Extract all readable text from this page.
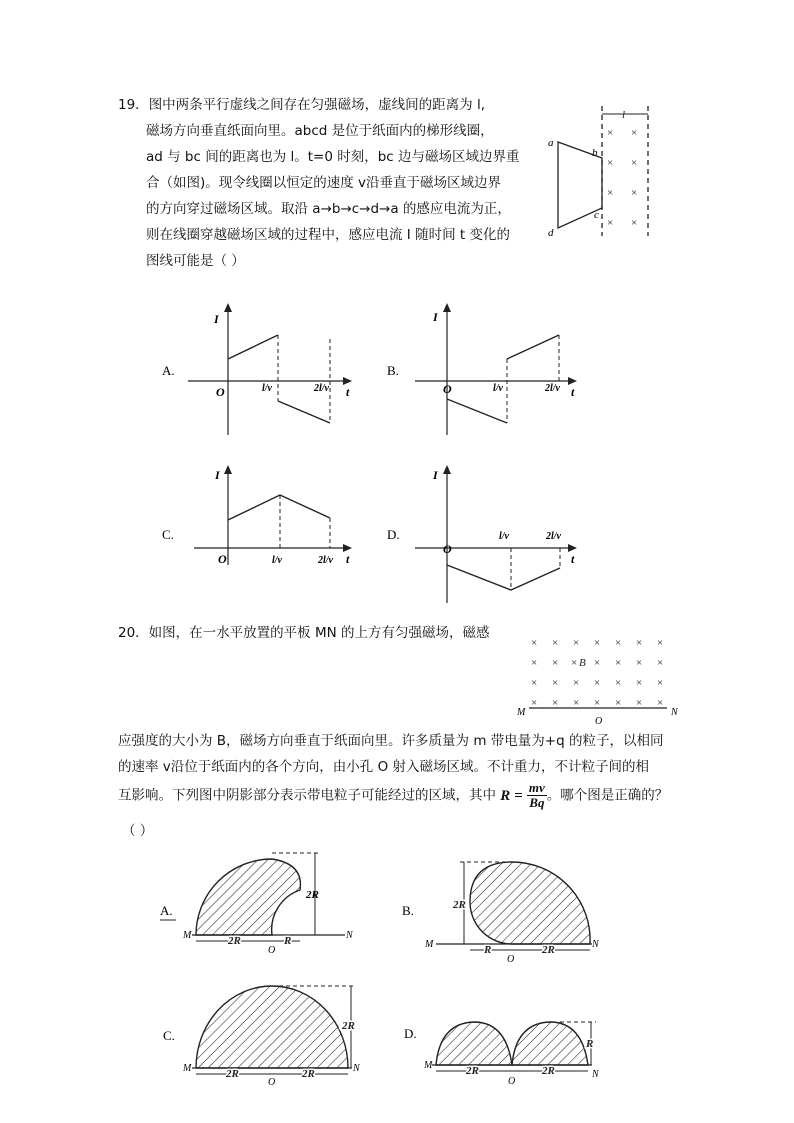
19．图中两条平行虚线之间存在匀强磁场，虚线间的距离为 l,
磁场方向垂直纸面向里。abcd 是位于纸面内的梯形线圈，
ad 与 bc 间的距离也为 l。t=0 时刻，bc 边与磁场区域边界重
合（如图)。现令线圈以恒定的速度 v沿垂直于磁场区域边界
的方向穿过磁场区域。取沿 a→b→c→d→a 的感应电流为正，
则在线圈穿越磁场区域的过程中，感应电流 I 随时间 t 变化的
图线可能是（ ）
l
× ×
× ×
× ×
× ×
a
b
c
d
A.
I
t
O	l/v	2l/v
B.
I
t
O	l/v	2l/v
C.
I
t
O	l/v	2l/v
D.
I
t
O
l/v	2l/v
20．如图，在一水平放置的平板 MN 的上方有匀强磁场，磁感
应强度的大小为 B，磁场方向垂直于纸面向里。许多质量为 m 带电量为+q 的粒子，以相同
的速率 v沿位于纸面内的各个方向，由小孔 O 射入磁场区域。不计重力，不计粒子间的相
互影响。下列图中阴影部分表示带电粒子可能经过的区域，其中 $R = \frac{mv}{Bq}$ 。哪个图是正确的？
（ ）
× × × × × × ×
× × × B × × × ×
× × × × × × ×
× × × × × × ×
M	N
O
A.
2R
2R	R
M	N
O
B.	2R
R	2R
M	N
O
C.
2R
2R	2R
M	N
O
D.
R
2R	2R
M
N
O
